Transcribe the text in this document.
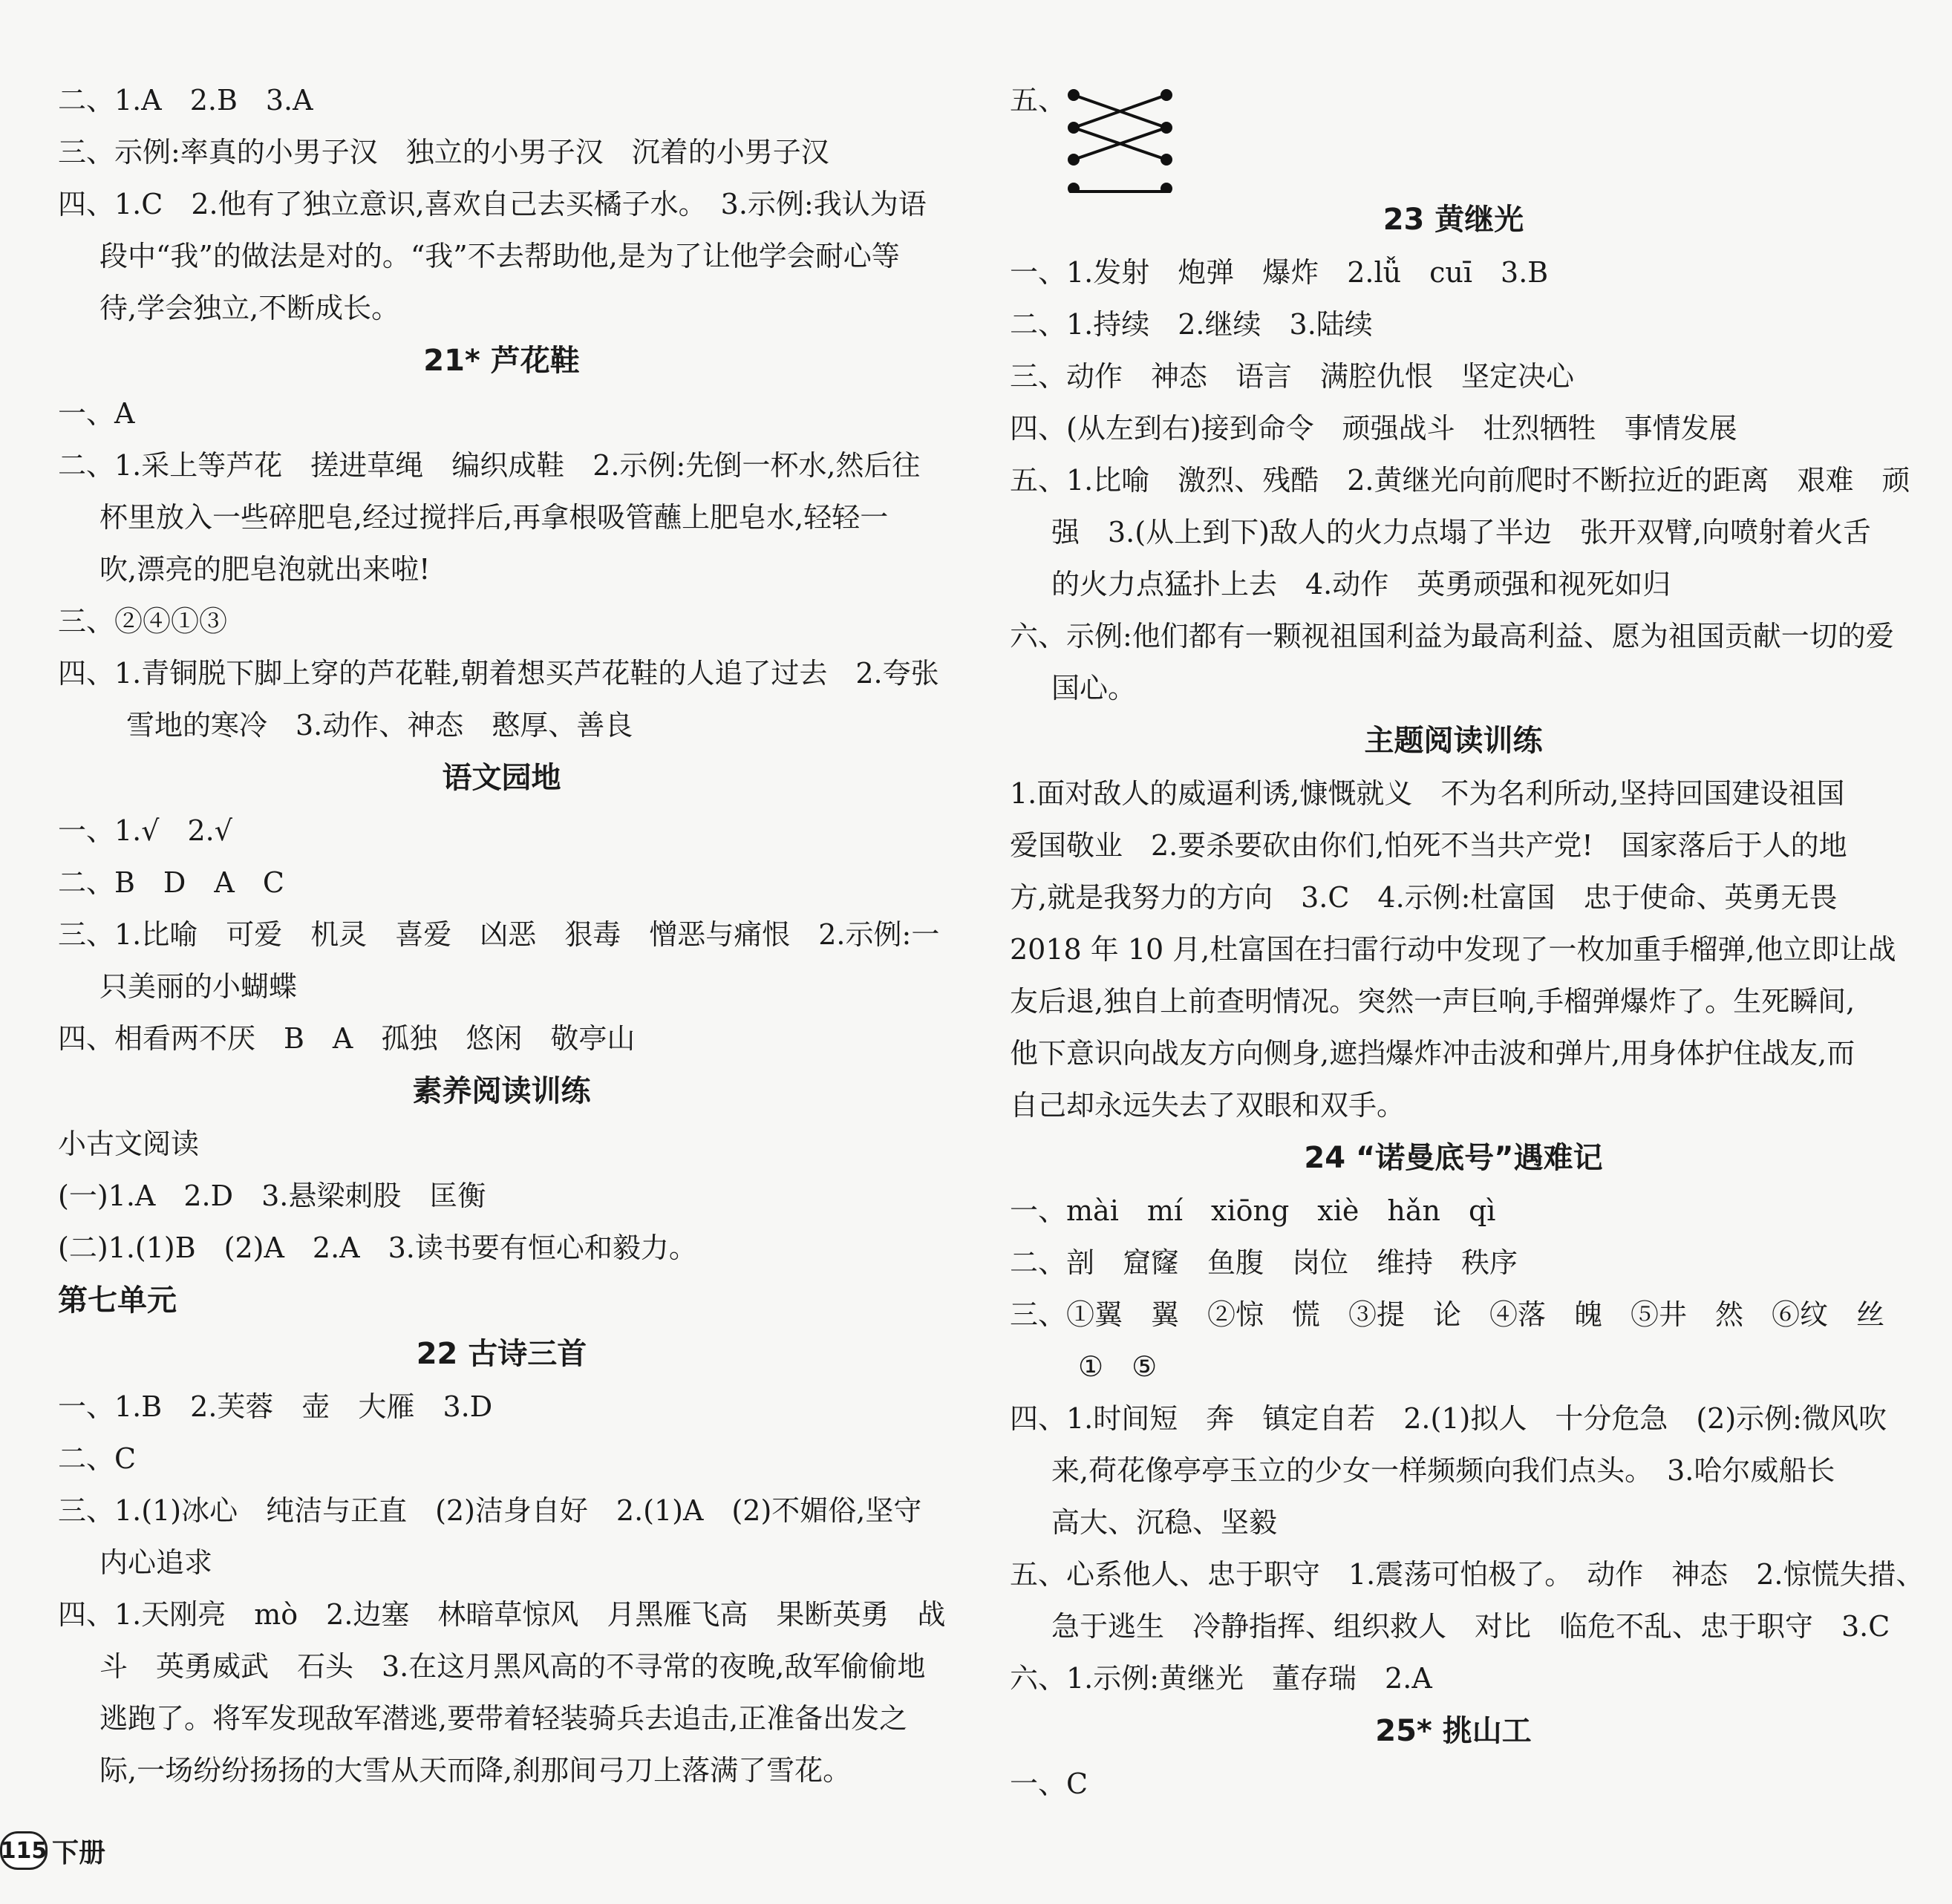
二、1.A　2.B　3.A
三、示例:率真的小男子汉　独立的小男子汉　沉着的小男子汉
四、1.C　2.他有了独立意识,喜欢自己去买橘子水。　3.示例:我认为语
段中“我”的做法是对的。“我”不去帮助他,是为了让他学会耐心等
待,学会独立,不断成长。
21* 芦花鞋
一、A
二、1.采上等芦花　搓进草绳　编织成鞋　2.示例:先倒一杯水,然后往
杯里放入一些碎肥皂,经过搅拌后,再拿根吸管蘸上肥皂水,轻轻一
吹,漂亮的肥皂泡就出来啦!
三、②④①③
四、1.青铜脱下脚上穿的芦花鞋,朝着想买芦花鞋的人追了过去　2.夸张
雪地的寒冷　3.动作、神态　憨厚、善良
语文园地
一、1.√　2.√
二、B　D　A　C
三、1.比喻　可爱　机灵　喜爱　凶恶　狠毒　憎恶与痛恨　2.示例:一
只美丽的小蝴蝶
四、相看两不厌　B　A　孤独　悠闲　敬亭山
素养阅读训练
小古文阅读
(一)1.A　2.D　3.悬梁刺股　匡衡
(二)1.(1)B　(2)A　2.A　3.读书要有恒心和毅力。
第七单元
22 古诗三首
一、1.B　2.芙蓉　壶　大雁　3.D
二、C
三、1.(1)冰心　纯洁与正直　(2)洁身自好　2.(1)A　(2)不媚俗,坚守
内心追求
四、1.天刚亮　mò　2.边塞　林暗草惊风　月黑雁飞高　果断英勇　战
斗　英勇威武　石头　3.在这月黑风高的不寻常的夜晚,敌军偷偷地
逃跑了。将军发现敌军潜逃,要带着轻装骑兵去追击,正准备出发之
际,一场纷纷扬扬的大雪从天而降,刹那间弓刀上落满了雪花。
五、
23 黄继光
一、1.发射　炮弹　爆炸　2.lǚ　cuī　3.B
二、1.持续　2.继续　3.陆续
三、动作　神态　语言　满腔仇恨　坚定决心
四、(从左到右)接到命令　顽强战斗　壮烈牺牲　事情发展
五、1.比喻　激烈、残酷　2.黄继光向前爬时不断拉近的距离　艰难　顽
强　3.(从上到下)敌人的火力点塌了半边　张开双臂,向喷射着火舌
的火力点猛扑上去　4.动作　英勇顽强和视死如归
六、示例:他们都有一颗视祖国利益为最高利益、愿为祖国贡献一切的爱
国心。
主题阅读训练
1.面对敌人的威逼利诱,慷慨就义　不为名利所动,坚持回国建设祖国
爱国敬业　2.要杀要砍由你们,怕死不当共产党!　国家落后于人的地
方,就是我努力的方向　3.C　4.示例:杜富国　忠于使命、英勇无畏
2018 年 10 月,杜富国在扫雷行动中发现了一枚加重手榴弹,他立即让战
友后退,独自上前查明情况。突然一声巨响,手榴弹爆炸了。生死瞬间,
他下意识向战友方向侧身,遮挡爆炸冲击波和弹片,用身体护住战友,而
自己却永远失去了双眼和双手。
24 “诺曼底号”遇难记
一、mài　mí　xiōng　xiè　hǎn　qì
二、剖　窟窿　鱼腹　岗位　维持　秩序
三、①翼　翼　②惊　慌　③提　论　④落　魄　⑤井　然　⑥纹　丝
①　⑤
四、1.时间短　奔　镇定自若　2.(1)拟人　十分危急　(2)示例:微风吹
来,荷花像亭亭玉立的少女一样频频向我们点头。　3.哈尔威船长
高大、沉稳、坚毅
五、心系他人、忠于职守　1.震荡可怕极了。　动作　神态　2.惊慌失措、
急于逃生　冷静指挥、组织救人　对比　临危不乱、忠于职守　3.C
六、1.示例:黄继光　董存瑞　2.A
25* 挑山工
一、C
115 下册
